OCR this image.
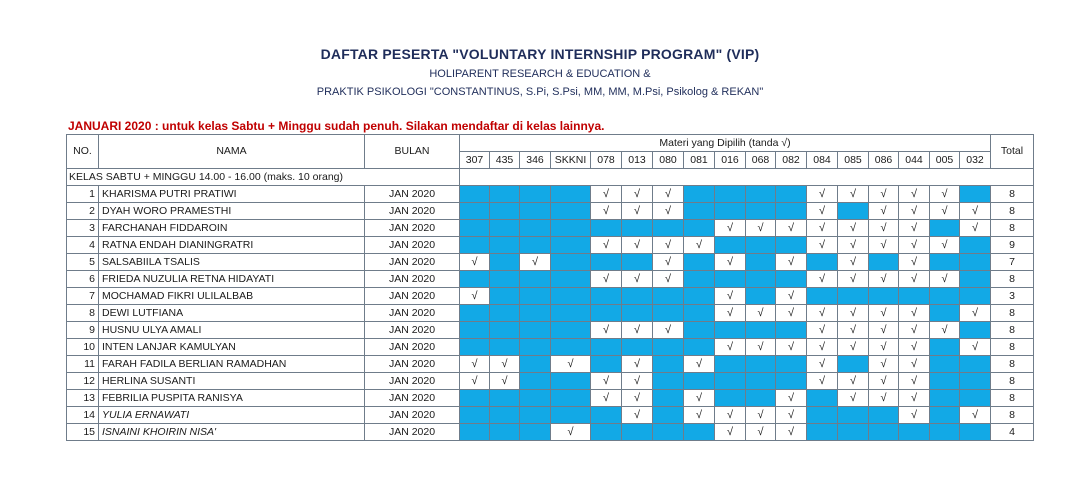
DAFTAR PESERTA "VOLUNTARY INTERNSHIP PROGRAM" (VIP)
HOLIPARENT RESEARCH & EDUCATION &
PRAKTIK PSIKOLOGI "CONSTANTINUS, S.Pi, S.Psi, MM, MM, M.Psi, Psikolog & REKAN"
JANUARI 2020 : untuk kelas Sabtu + Minggu sudah penuh. Silakan mendaftar di kelas lainnya.
NO.	NAMA	BULAN	Materi yang Dipilih (tanda √)																	Total
			307	435	346	SKKNI	078	013	080	081	016	068	082	084	085	086	044	005	032	
KELAS SABTU + MINGGU 14.00 - 16.00 (maks. 10 orang)																				
1	KHARISMA PUTRI PRATIWI	JAN 2020					√	√	√					√	√	√	√	√		8
2	DYAH WORO PRAMESTHI	JAN 2020					√	√	√					√		√	√	√	√	8
3	FARCHANAH FIDDAROIN	JAN 2020									√	√	√	√	√	√	√		√	8
4	RATNA ENDAH DIANINGRATRI	JAN 2020					√	√	√	√				√	√	√	√	√		9
5	SALSABIILA TSALIS	JAN 2020	√		√				√		√		√		√		√			7
6	FRIEDA NUZULIA RETNA HIDAYATI	JAN 2020					√	√	√					√	√	√	√	√		8
7	MOCHAMAD FIKRI ULILALBAB	JAN 2020	√								√		√							3
8	DEWI LUTFIANA	JAN 2020									√	√	√	√	√	√	√		√	8
9	HUSNU ULYA AMALI	JAN 2020					√	√	√					√	√	√	√	√		8
10	INTEN LANJAR KAMULYAN	JAN 2020									√	√	√	√	√	√	√		√	8
11	FARAH FADILA BERLIAN RAMADHAN	JAN 2020	√	√		√		√		√				√		√	√			8
12	HERLINA SUSANTI	JAN 2020	√	√			√	√						√	√	√	√			8
13	FEBRILIA PUSPITA RANISYA	JAN 2020					√	√		√			√		√	√	√			8
14	YULIA ERNAWATI	JAN 2020						√		√	√	√	√				√		√	8
15	ISNAINI KHOIRIN NISA'	JAN 2020				√					√	√	√							4
